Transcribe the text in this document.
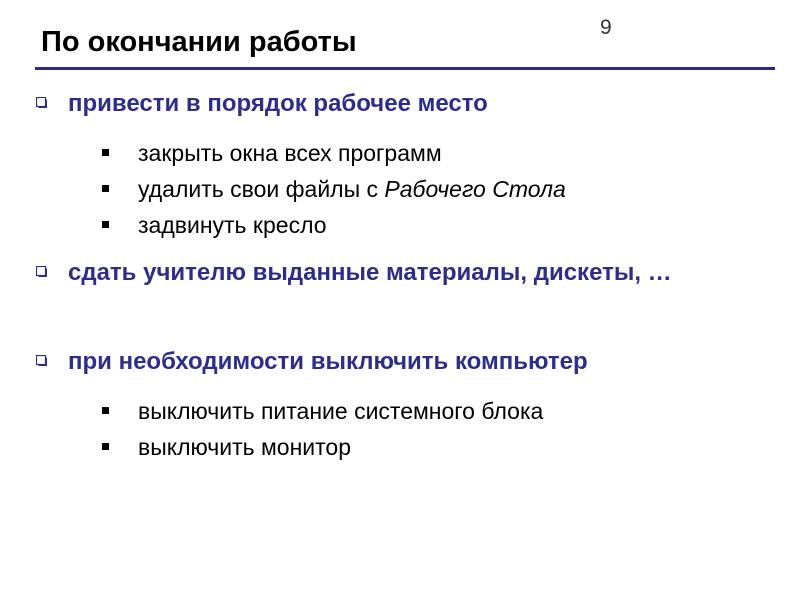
По окончании работы	9
привести в порядок рабочее место
закрыть окна всех программ
удалить свои файлы с Рабочего Стола
задвинуть кресло
сдать учителю выданные материалы, дискеты, …
при необходимости выключить компьютер
выключить питание системного блока
выключить монитор
